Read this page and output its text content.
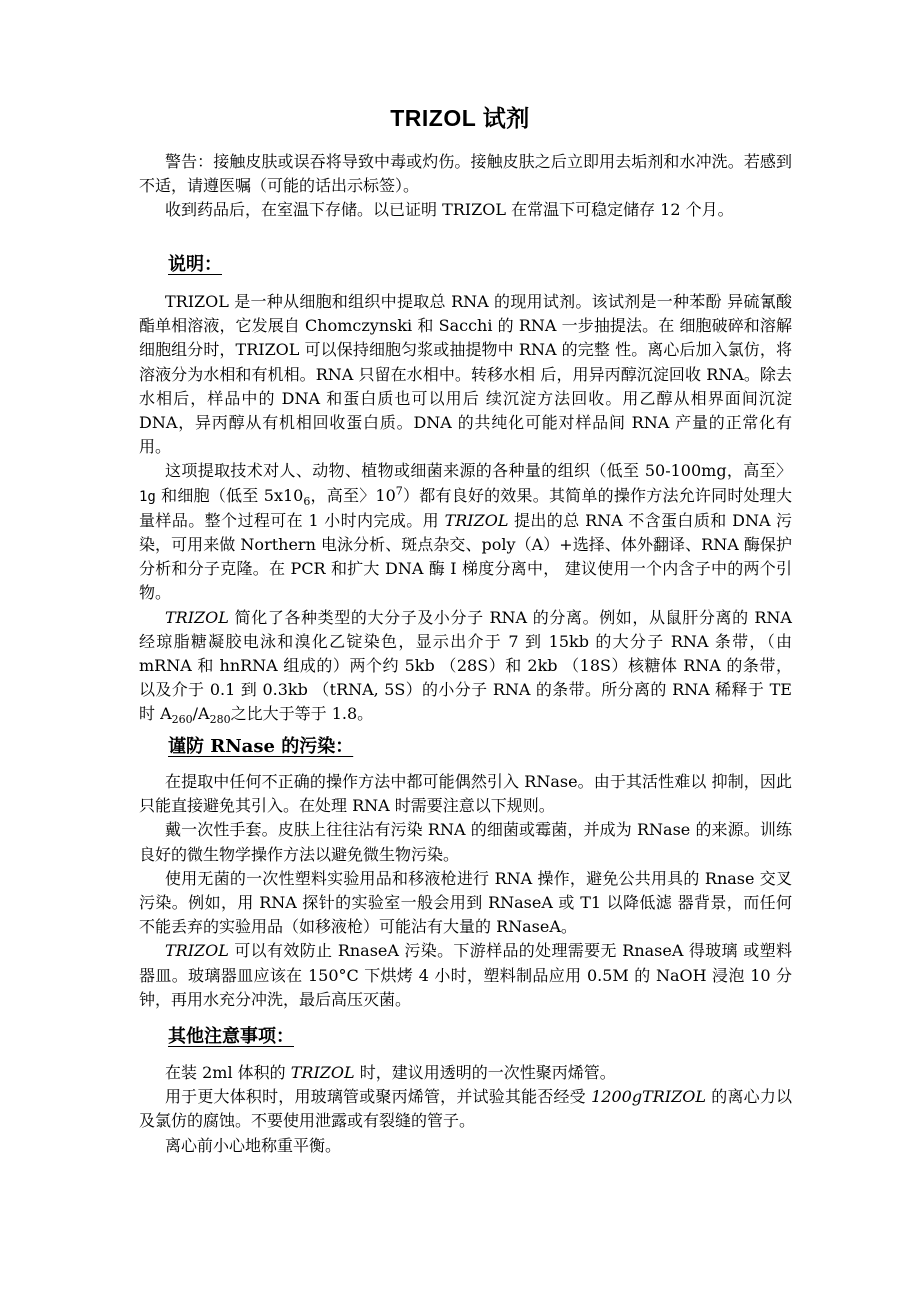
TRIZOL 试剂

警告：接触皮肤或误吞将导致中毒或灼伤。接触皮肤之后立即用去垢剂和水冲洗。若感到不适，请遵医嘱（可能的话出示标签）。

收到药品后，在室温下存储。以已证明 TRIZOL 在常温下可稳定储存 12 个月。

说明：

TRIZOL 是一种从细胞和组织中提取总 RNA 的现用试剂。该试剂是一种苯酚 异硫氰酸酯单相溶液，它发展自 Chomczynski 和 Sacchi 的 RNA 一步抽提法。在 细胞破碎和溶解细胞组分时，TRIZOL 可以保持细胞匀浆或抽提物中 RNA 的完整 性。离心后加入氯仿，将溶液分为水相和有机相。RNA 只留在水相中。转移水相 后，用异丙醇沉淀回收 RNA。除去水相后，样品中的 DNA 和蛋白质也可以用后 续沉淀方法回收。用乙醇从相界面间沉淀 DNA，异丙醇从有机相回收蛋白质。DNA 的共纯化可能对样品间 RNA 产量的正常化有用。

这项提取技术对人、动物、植物或细菌来源的各种量的组织（低至 50-100mg，高至〉1g 和细胞（低至 $5x10_6$，高至〉$10^7$）都有良好的效果。其简单的操作方法允许同时处理大量样品。整个过程可在 1 小时内完成。用 TRIZOL 提出的总 RNA 不含蛋白质和 DNA 污染，可用来做 Northern 电泳分析、斑点杂交、poly（A）+选择、体外翻译、RNA 酶保护分析和分子克隆。在 PCR 和扩大 DNA 酶 I 梯度分离中， 建议使用一个内含子中的两个引物。

TRIZOL 简化了各种类型的大分子及小分子 RNA 的分离。例如，从鼠肝分离的 RNA 经琼脂糖凝胶电泳和溴化乙锭染色，显示出介于 7 到 15kb 的大分子 RNA 条带，（由 mRNA 和 hnRNA 组成的）两个约 5kb （28S）和 2kb （18S）核糖体 RNA 的条带，以及介于 0.1 到 0.3kb （tRNA, 5S）的小分子 RNA 的条带。所分离的 RNA 稀释于 TE 时 $A_{260}/A_{280}$之比大于等于 1.8。

谨防 RNase 的污染：

在提取中任何不正确的操作方法中都可能偶然引入 RNase。由于其活性难以 抑制，因此只能直接避免其引入。在处理 RNA 时需要注意以下规则。

戴一次性手套。皮肤上往往沾有污染 RNA 的细菌或霉菌，并成为 RNase 的来源。训练良好的微生物学操作方法以避免微生物污染。

使用无菌的一次性塑料实验用品和移液枪进行 RNA 操作，避免公共用具的 Rnase 交叉污染。例如，用 RNA 探针的实验室一般会用到 RNaseA 或 T1 以降低滤 器背景，而任何不能丢弃的实验用品（如移液枪）可能沾有大量的 RNaseA。

TRIZOL 可以有效防止 RnaseA 污染。下游样品的处理需要无 RnaseA 得玻璃 或塑料器皿。玻璃器皿应该在 150°C 下烘烤 4 小时，塑料制品应用 0.5M 的 NaOH 浸泡 10 分钟，再用水充分冲洗，最后高压灭菌。

其他注意事项：

在装 2ml 体积的 TRIZOL 时，建议用透明的一次性聚丙烯管。

用于更大体积时，用玻璃管或聚丙烯管，并试验其能否经受 1200gTRIZOL 的离心力以及氯仿的腐蚀。不要使用泄露或有裂缝的管子。

离心前小心地称重平衡。
